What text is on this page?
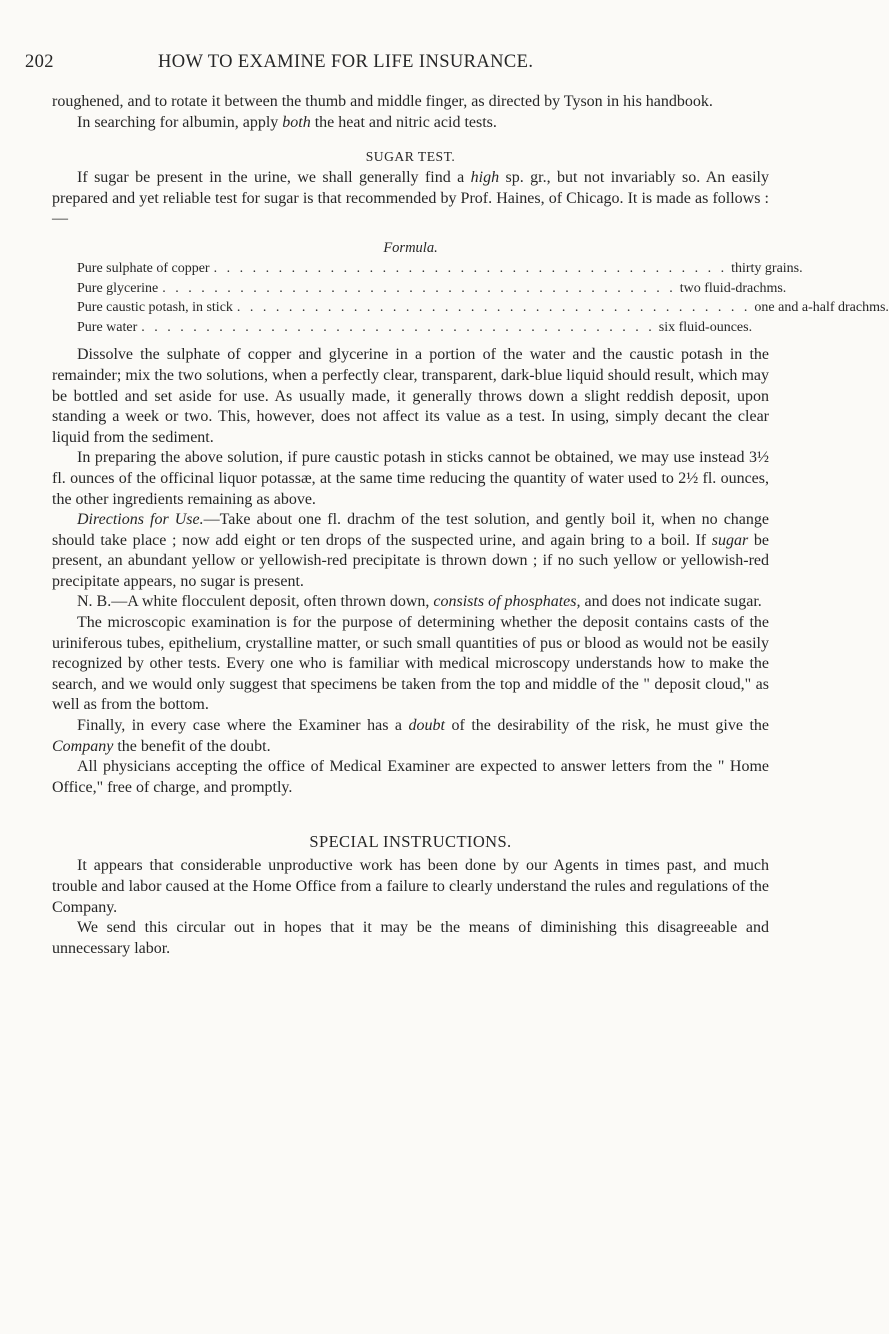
202	HOW TO EXAMINE FOR LIFE INSURANCE.

roughened, and to rotate it between the thumb and middle finger, as directed by Tyson in his handbook.

In searching for albumin, apply both the heat and nitric acid tests.

SUGAR TEST.

If sugar be present in the urine, we shall generally find a high sp. gr., but not invariably so. An easily prepared and yet reliable test for sugar is that recommended by Prof. Haines, of Chicago. It is made as follows :—

Formula.
Pure sulphate of copper . . . . . . . . . . . . . . . . . . . . . . . . . . . . . . . . . . . . . . . . thirty grains.
Pure glycerine . . . . . . . . . . . . . . . . . . . . . . . . . . . . . . . . . . . . . . . . two fluid-drachms.
Pure caustic potash, in stick . . . . . . . . . . . . . . . . . . . . . . . . . . . . . . . . . . . . . . . . one and a-half drachms.
Pure water . . . . . . . . . . . . . . . . . . . . . . . . . . . . . . . . . . . . . . . . six fluid-ounces.

Dissolve the sulphate of copper and glycerine in a portion of the water and the caustic potash in the remainder; mix the two solutions, when a perfectly clear, transparent, dark-blue liquid should result, which may be bottled and set aside for use. As usually made, it generally throws down a slight reddish deposit, upon standing a week or two. This, however, does not affect its value as a test. In using, simply decant the clear liquid from the sediment.

In preparing the above solution, if pure caustic potash in sticks cannot be obtained, we may use instead 3½ fl. ounces of the officinal liquor potassæ, at the same time reducing the quantity of water used to 2½ fl. ounces, the other ingredients remaining as above.

Directions for Use.—Take about one fl. drachm of the test solution, and gently boil it, when no change should take place ; now add eight or ten drops of the suspected urine, and again bring to a boil. If sugar be present, an abundant yellow or yellowish-red precipitate is thrown down ; if no such yellow or yellowish-red precipitate appears, no sugar is present.

N. B.—A white flocculent deposit, often thrown down, consists of phosphates, and does not indicate sugar.

The microscopic examination is for the purpose of determining whether the deposit contains casts of the uriniferous tubes, epithelium, crystalline matter, or such small quantities of pus or blood as would not be easily recognized by other tests. Every one who is familiar with medical microscopy understands how to make the search, and we would only suggest that specimens be taken from the top and middle of the " deposit cloud," as well as from the bottom.

Finally, in every case where the Examiner has a doubt of the desirability of the risk, he must give the Company the benefit of the doubt.

All physicians accepting the office of Medical Examiner are expected to answer letters from the " Home Office," free of charge, and promptly.

SPECIAL INSTRUCTIONS.

It appears that considerable unproductive work has been done by our Agents in times past, and much trouble and labor caused at the Home Office from a failure to clearly understand the rules and regulations of the Company.

We send this circular out in hopes that it may be the means of diminishing this disagreeable and unnecessary labor.
